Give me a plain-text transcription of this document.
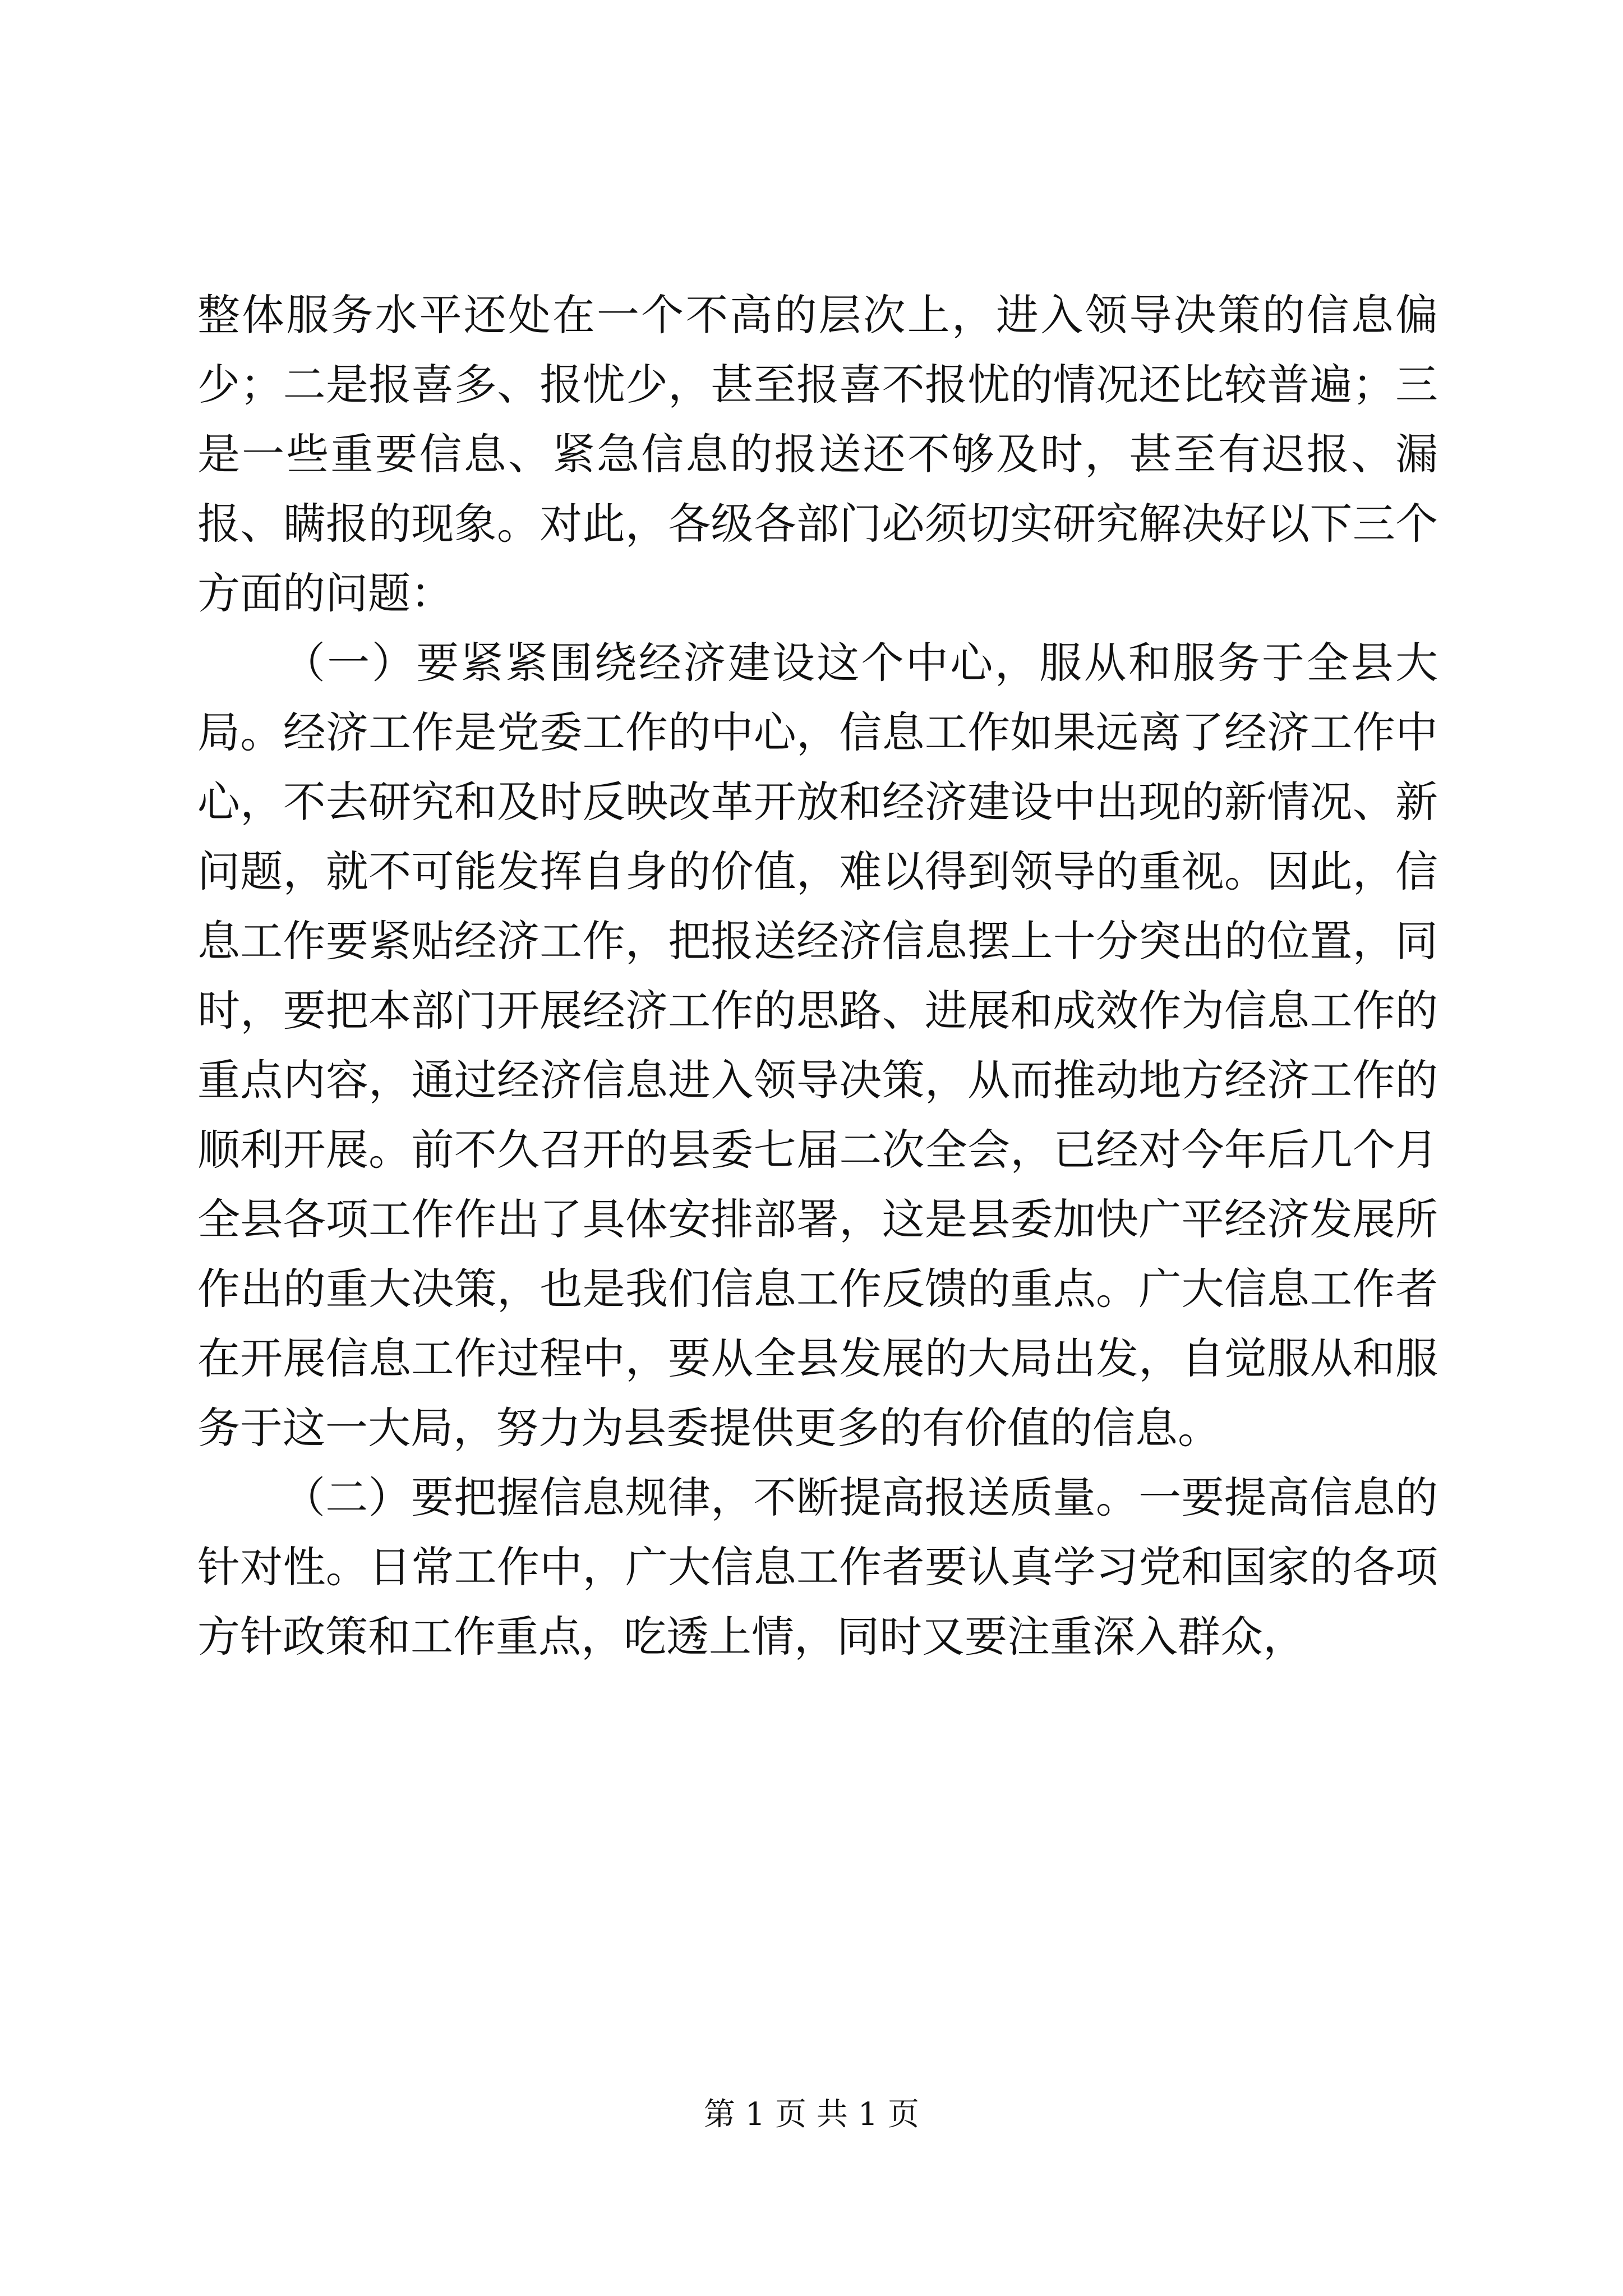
整体服务水平还处在一个不高的层次上，进入领导决策的信息偏少；二是报喜多、报忧少，甚至报喜不报忧的情况还比较普遍；三是一些重要信息、紧急信息的报送还不够及时，甚至有迟报、漏报、瞒报的现象。对此，各级各部门必须切实研究解决好以下三个方面的问题：

（一）要紧紧围绕经济建设这个中心，服从和服务于全县大局。经济工作是党委工作的中心，信息工作如果远离了经济工作中心，不去研究和及时反映改革开放和经济建设中出现的新情况、新问题，就不可能发挥自身的价值，难以得到领导的重视。因此，信息工作要紧贴经济工作，把报送经济信息摆上十分突出的位置，同时，要把本部门开展经济工作的思路、进展和成效作为信息工作的重点内容，通过经济信息进入领导决策，从而推动地方经济工作的顺利开展。前不久召开的县委七届二次全会，已经对今年后几个月全县各项工作作出了具体安排部署，这是县委加快广平经济发展所作出的重大决策，也是我们信息工作反馈的重点。广大信息工作者在开展信息工作过程中，要从全县发展的大局出发，自觉服从和服务于这一大局，努力为县委提供更多的有价值的信息。

（二）要把握信息规律，不断提高报送质量。一要提高信息的针对性。日常工作中，广大信息工作者要认真学习党和国家的各项方针政策和工作重点，吃透上情，同时又要注重深入群众，

第 1 页 共 1 页
